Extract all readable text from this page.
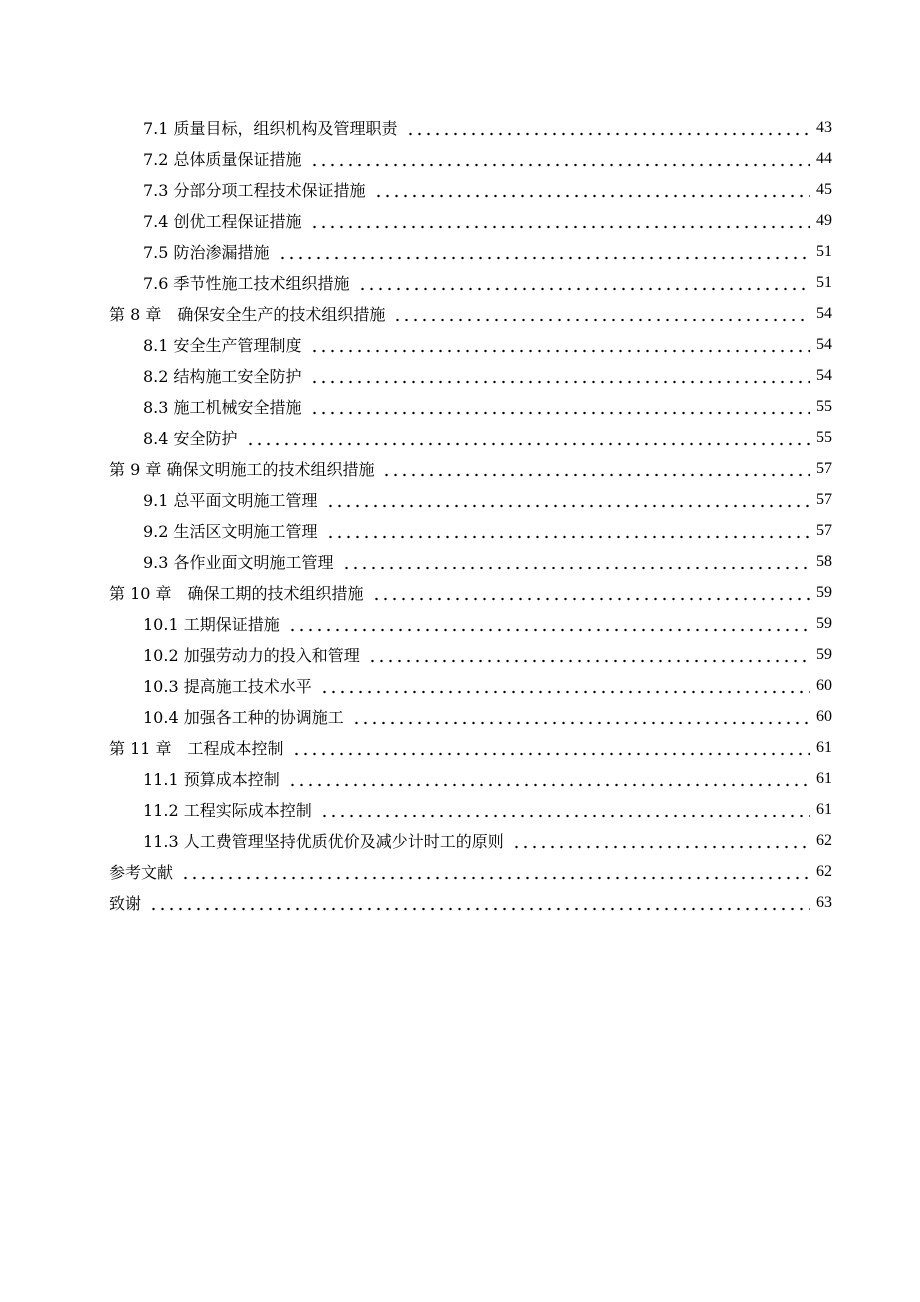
7.1 质量目标，组织机构及管理职责	43
7.2 总体质量保证措施	44
7.3 分部分项工程技术保证措施	45
7.4 创优工程保证措施	49
7.5 防治渗漏措施	51
7.6 季节性施工技术组织措施	51
第 8 章　确保安全生产的技术组织措施	54
8.1 安全生产管理制度	54
8.2 结构施工安全防护	54
8.3 施工机械安全措施	55
8.4 安全防护	55
第 9 章 确保文明施工的技术组织措施	57
9.1 总平面文明施工管理	57
9.2 生活区文明施工管理	57
9.3 各作业面文明施工管理	58
第 10 章　确保工期的技术组织措施	59
10.1 工期保证措施	59
10.2 加强劳动力的投入和管理	59
10.3 提高施工技术水平	60
10.4 加强各工种的协调施工	60
第 11 章　工程成本控制	61
11.1 预算成本控制	61
11.2 工程实际成本控制	61
11.3 人工费管理坚持优质优价及减少计时工的原则	62
参考文献	62
致谢	63
